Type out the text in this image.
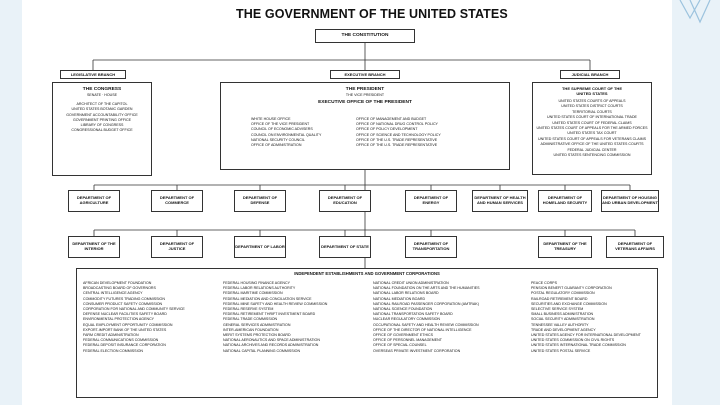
THE GOVERNMENT OF THE UNITED STATES
THE CONSTITUTION
LEGISLATIVE BRANCH
THE CONGRESS
SENATE · HOUSE
ARCHITECT OF THE CAPITOL
UNITED STATES BOTANIC GARDEN
GOVERNMENT ACCOUNTABILITY OFFICE
GOVERNMENT PRINTING OFFICE
LIBRARY OF CONGRESS
CONGRESSIONAL BUDGET OFFICE
EXECUTIVE BRANCH
THE PRESIDENT
THE VICE PRESIDENT
EXECUTIVE OFFICE OF THE PRESIDENT
WHITE HOUSE OFFICE
OFFICE OF THE VICE PRESIDENT
COUNCIL OF ECONOMIC ADVISERS
COUNCIL ON ENVIRONMENTAL QUALITY
NATIONAL SECURITY COUNCIL
OFFICE OF ADMINISTRATION
OFFICE OF MANAGEMENT AND BUDGET
OFFICE OF NATIONAL DRUG CONTROL POLICY
OFFICE OF POLICY DEVELOPMENT
OFFICE OF SCIENCE AND TECHNOLOGY POLICY
OFFICE OF THE U.S. TRADE REPRESENTATIVE
OFFICE OF THE U.S. TRADE REPRESENTATIVE
JUDICIAL BRANCH
THE SUPREME COURT OF THE UNITED STATES
UNITED STATES COURTS OF APPEALS
UNITED STATES DISTRICT COURTS
TERRITORIAL COURTS
UNITED STATES COURT OF INTERNATIONAL TRADE
UNITED STATES COURT OF FEDERAL CLAIMS
UNITED STATES COURT OF APPEALS FOR THE ARMED FORCES
UNITED STATES TAX COURT
UNITED STATES COURT OF APPEALS FOR VETERANS CLAIMS
ADMINISTRATIVE OFFICE OF THE UNITED STATES COURTS
FEDERAL JUDICIAL CENTER
UNITED STATES SENTENCING COMMISSION
DEPARTMENT OF AGRICULTURE
DEPARTMENT OF COMMERCE
DEPARTMENT OF DEFENSE
DEPARTMENT OF EDUCATION
DEPARTMENT OF ENERGY
DEPARTMENT OF HEALTH AND HUMAN SERVICES
DEPARTMENT OF HOMELAND SECURITY
DEPARTMENT OF HOUSING AND URBAN DEVELOPMENT
DEPARTMENT OF THE INTERIOR
DEPARTMENT OF JUSTICE	DEPARTMENT OF LABOR	DEPARTMENT OF STATE	DEPARTMENT OF TRANSPORTATION
DEPARTMENT OF THE TREASURY
DEPARTMENT OF VETERANS AFFAIRS
INDEPENDENT ESTABLISHMENTS AND GOVERNMENT CORPORATIONS
AFRICAN DEVELOPMENT FOUNDATION
BROADCASTING BOARD OF GOVERNORS
CENTRAL INTELLIGENCE AGENCY
COMMODITY FUTURES TRADING COMMISSION
CONSUMER PRODUCT SAFETY COMMISSION
CORPORATION FOR NATIONAL AND COMMUNITY SERVICE
DEFENSE NUCLEAR FACILITIES SAFETY BOARD
ENVIRONMENTAL PROTECTION AGENCY
EQUAL EMPLOYMENT OPPORTUNITY COMMISSION
EXPORT-IMPORT BANK OF THE UNITED STATES
FARM CREDIT ADMINISTRATION
FEDERAL COMMUNICATIONS COMMISSION
FEDERAL DEPOSIT INSURANCE CORPORATION
FEDERAL ELECTION COMMISSION
FEDERAL HOUSING FINANCE AGENCY
FEDERAL LABOR RELATIONS AUTHORITY
FEDERAL MARITIME COMMISSION
FEDERAL MEDIATION AND CONCILIATION SERVICE
FEDERAL MINE SAFETY AND HEALTH REVIEW COMMISSION
FEDERAL RESERVE SYSTEM
FEDERAL RETIREMENT THRIFT INVESTMENT BOARD
FEDERAL TRADE COMMISSION
GENERAL SERVICES ADMINISTRATION
INTER-AMERICAN FOUNDATION
MERIT SYSTEMS PROTECTION BOARD
NATIONAL AERONAUTICS AND SPACE ADMINISTRATION
NATIONAL ARCHIVES AND RECORDS ADMINISTRATION
NATIONAL CAPITAL PLANNING COMMISSION
NATIONAL CREDIT UNION ADMINISTRATION
NATIONAL FOUNDATION ON THE ARTS AND THE HUMANITIES
NATIONAL LABOR RELATIONS BOARD
NATIONAL MEDIATION BOARD
NATIONAL RAILROAD PASSENGER CORPORATION (AMTRAK)
NATIONAL SCIENCE FOUNDATION
NATIONAL TRANSPORTATION SAFETY BOARD
NUCLEAR REGULATORY COMMISSION
OCCUPATIONAL SAFETY AND HEALTH REVIEW COMMISSION
OFFICE OF THE DIRECTOR OF NATIONAL INTELLIGENCE
OFFICE OF GOVERNMENT ETHICS
OFFICE OF PERSONNEL MANAGEMENT
OFFICE OF SPECIAL COUNSEL
OVERSEAS PRIVATE INVESTMENT CORPORATION
PEACE CORPS
PENSION BENEFIT GUARANTY CORPORATION
POSTAL REGULATORY COMMISSION
RAILROAD RETIREMENT BOARD
SECURITIES AND EXCHANGE COMMISSION
SELECTIVE SERVICE SYSTEM
SMALL BUSINESS ADMINISTRATION
SOCIAL SECURITY ADMINISTRATION
TENNESSEE VALLEY AUTHORITY
TRADE AND DEVELOPMENT AGENCY
UNITED STATES AGENCY FOR INTERNATIONAL DEVELOPMENT
UNITED STATES COMMISSION ON CIVIL RIGHTS
UNITED STATES INTERNATIONAL TRADE COMMISSION
UNITED STATES POSTAL SERVICE
